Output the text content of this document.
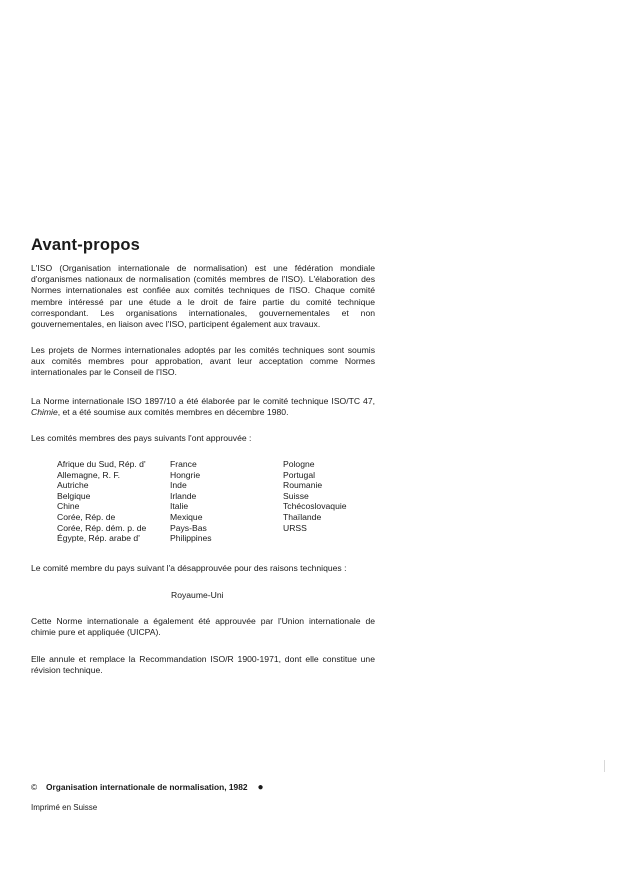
Avant-propos

L'ISO (Organisation internationale de normalisation) est une fédération mondiale d'organismes nationaux de normalisation (comités membres de l'ISO). L'élaboration des Normes internationales est confiée aux comités techniques de l'ISO. Chaque comité membre intéressé par une étude a le droit de faire partie du comité technique correspondant. Les organisations internationales, gouvernementales et non gouvernementales, en liaison avec l'ISO, participent également aux travaux.

Les projets de Normes internationales adoptés par les comités techniques sont soumis aux comités membres pour approbation, avant leur acceptation comme Normes internationales par le Conseil de l'ISO.

La Norme internationale ISO 1897/10 a été élaborée par le comité technique ISO/TC 47, Chimie, et a été soumise aux comités membres en décembre 1980.

Les comités membres des pays suivants l'ont approuvée :

Afrique du Sud, Rép. d'
Allemagne, R. F.
Autriche
Belgique
Chine
Corée, Rép. de
Corée, Rép. dém. p. de
Égypte, Rép. arabe d'
France
Hongrie
Inde
Irlande
Italie
Mexique
Pays-Bas
Philippines
Pologne
Portugal
Roumanie
Suisse
Tchécoslovaquie
Thaïlande
URSS

Le comité membre du pays suivant l'a désapprouvée pour des raisons techniques :

Royaume-Uni

Cette Norme internationale a également été approuvée par l'Union internationale de chimie pure et appliquée (UICPA).

Elle annule et remplace la Recommandation ISO/R 1900-1971, dont elle constitue une révision technique.

© Organisation internationale de normalisation, 1982 ●

Imprimé en Suisse
